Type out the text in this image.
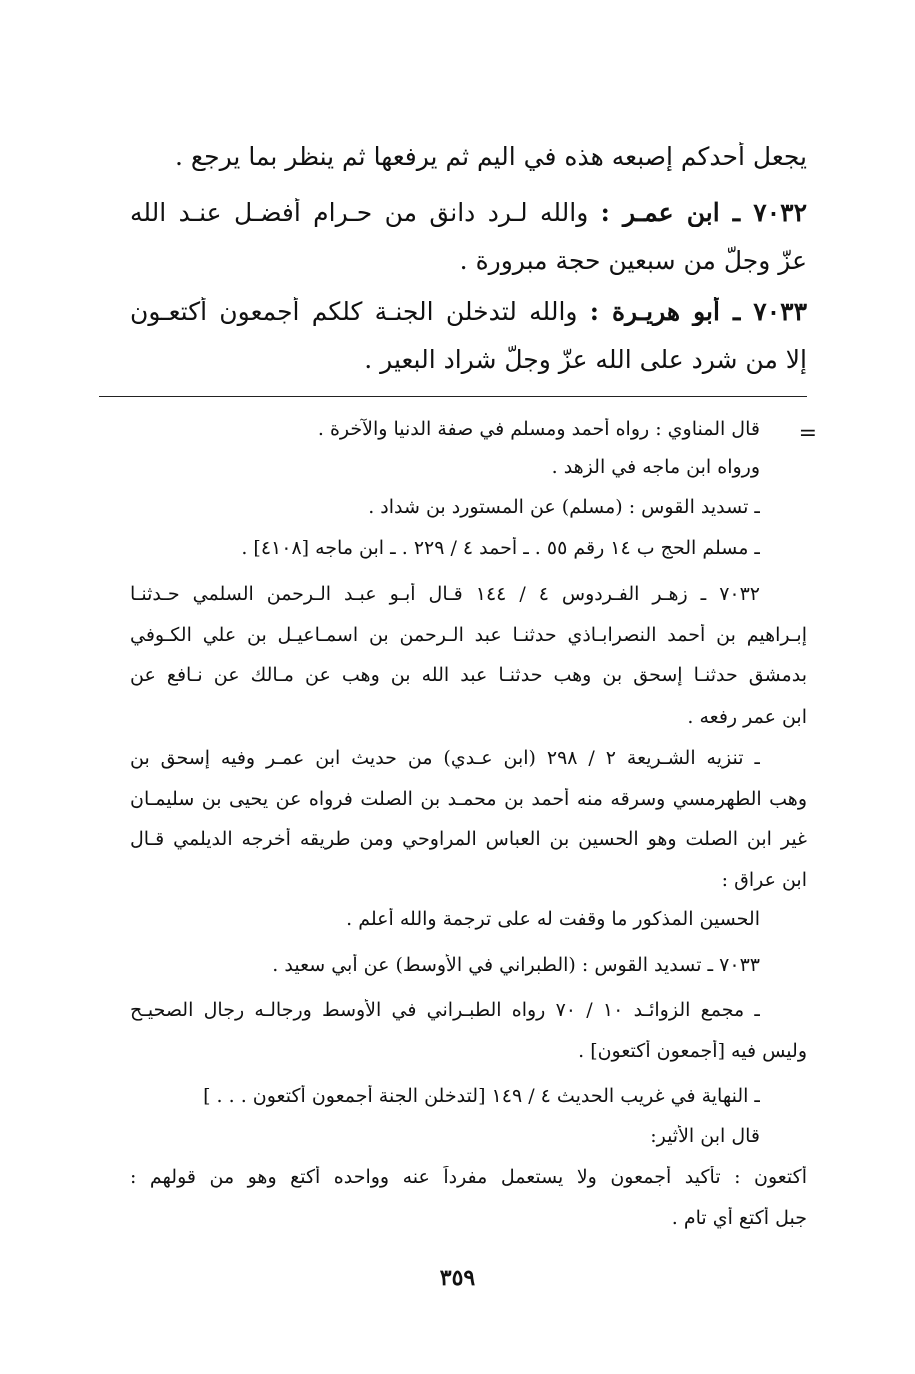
يجعل أحدكم إصبعه هذه في اليم ثم يرفعها ثم ينظر بما يرجع .
٧٠٣٢ ـ ابن عمـر : والله لـرد دانق من حـرام أفضـل عنـد الله
عزّ وجلّ من سبعين حجة مبرورة .
٧٠٣٣ ـ أبو هريـرة : والله لتدخلن الجنـة كلكم أجمعون أكتعـون
إلا من شرد على الله عزّ وجلّ شراد البعير .
=
قال المناوي : رواه أحمد ومسلم في صفة الدنيا والآخرة .
ورواه ابن ماجه في الزهد .
ـ تسديد القوس : (مسلم) عن المستورد بن شداد .
ـ مسلم الحج ب ١٤ رقم ٥٥ . ـ أحمد ٤ / ٢٢٩ . ـ ابن ماجه [٤١٠٨] .
٧٠٣٢ ـ زهـر الفـردوس ٤ / ١٤٤ قـال أبـو عبـد الـرحمن السلمي حـدثنـا
إبـراهيم بن أحمد النصرابـاذي حدثنـا عبد الـرحمن بن اسمـاعيـل بن علي الكـوفي
بدمشق حدثنـا إسحق بن وهب حدثنـا عبد الله بن وهب عن مـالك عن نـافع عن
ابن عمر رفعه .
ـ تنزيه الشـريعة ٢ / ٢٩٨ (ابن عـدي) من حديث ابن عمـر وفيه إسحق بن
وهب الطهرمسي وسرقه منه أحمد بن محمـد بن الصلت فرواه عن يحيى بن سليمـان
غير ابن الصلت وهو الحسين بن العباس المراوحي ومن طريقه أخرجه الديلمي قـال
ابن عراق :
الحسين المذكور ما وقفت له على ترجمة والله أعلم .
٧٠٣٣ ـ تسديد القوس : (الطبراني في الأوسط) عن أبي سعيد .
ـ مجمع الزوائـد ١٠ / ٧٠ رواه الطبـراني في الأوسط ورجالـه رجال الصحيـح
وليس فيه [أجمعون أكتعون] .
ـ النهاية في غريب الحديث ٤ / ١٤٩ [لتدخلن الجنة أجمعون أكتعون . . . ]
قال ابن الأثير:
أكتعون : تأكيد أجمعون ولا يستعمل مفرداً عنه وواحده أكتع وهو من قولهم :
جبل أكتع أي تام .
٣٥٩
